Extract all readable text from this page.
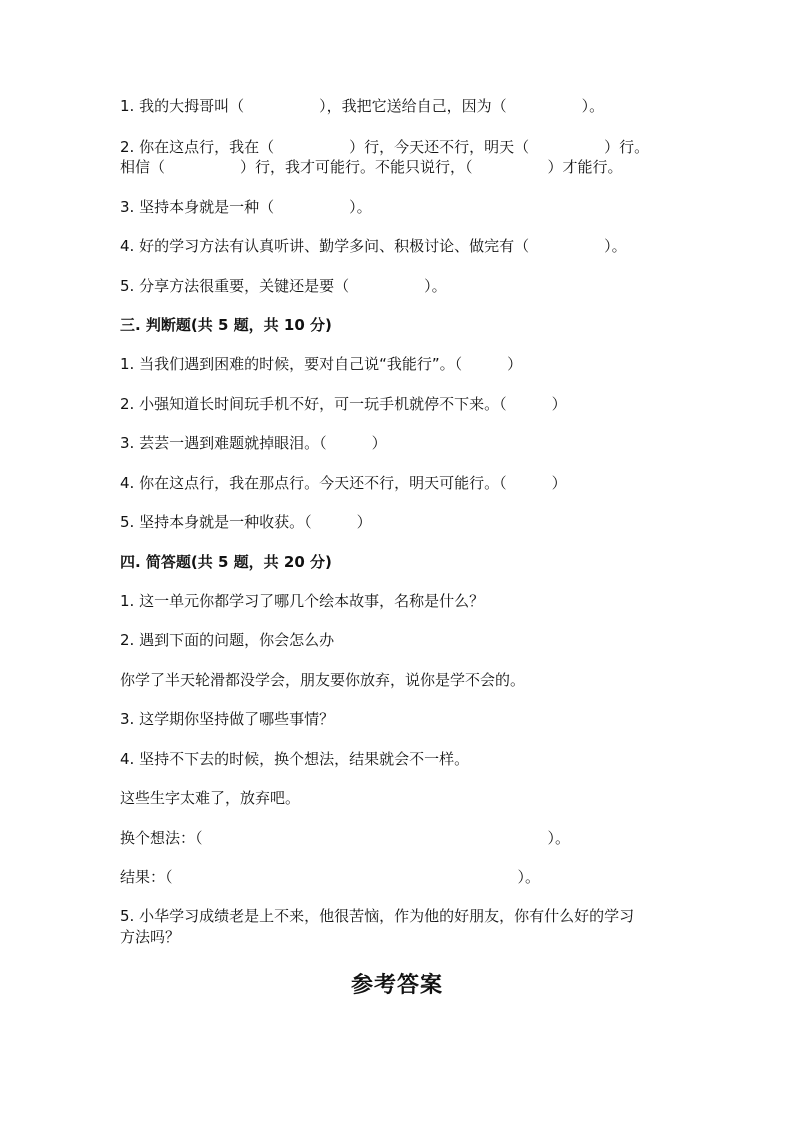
1. 我的大拇哥叫（　　　　　），我把它送给自己，因为（　　　　　）。
2. 你在这点行，我在（　　　　　）行，今天还不行，明天（　　　　　）行。
相信（　　　　　）行，我才可能行。不能只说行，（　　　　　）才能行。
3. 坚持本身就是一种（　　　　　）。
4. 好的学习方法有认真听讲、勤学多问、积极讨论、做完有（　　　　　）。
5. 分享方法很重要，关键还是要（　　　　　）。
三. 判断题(共 5 题，共 10 分)
1. 当我们遇到困难的时候，要对自己说“我能行”。（　　　）
2. 小强知道长时间玩手机不好，可一玩手机就停不下来。（　　　）
3. 芸芸一遇到难题就掉眼泪。（　　　）
4. 你在这点行，我在那点行。今天还不行，明天可能行。（　　　）
5. 坚持本身就是一种收获。（　　　）
四. 简答题(共 5 题，共 20 分)
1. 这一单元你都学习了哪几个绘本故事，名称是什么？
2. 遇到下面的问题，你会怎么办
你学了半天轮滑都没学会，朋友要你放弃，说你是学不会的。
3. 这学期你坚持做了哪些事情？
4. 坚持不下去的时候，换个想法，结果就会不一样。
这些生字太难了，放弃吧。
换个想法：（　　　　　　　　　　　　　　　　　　　　　　　）。
结果：（　　　　　　　　　　　　　　　　　　　　　　　）。
5. 小华学习成绩老是上不来，他很苦恼，作为他的好朋友，你有什么好的学习
方法吗？
参考答案
